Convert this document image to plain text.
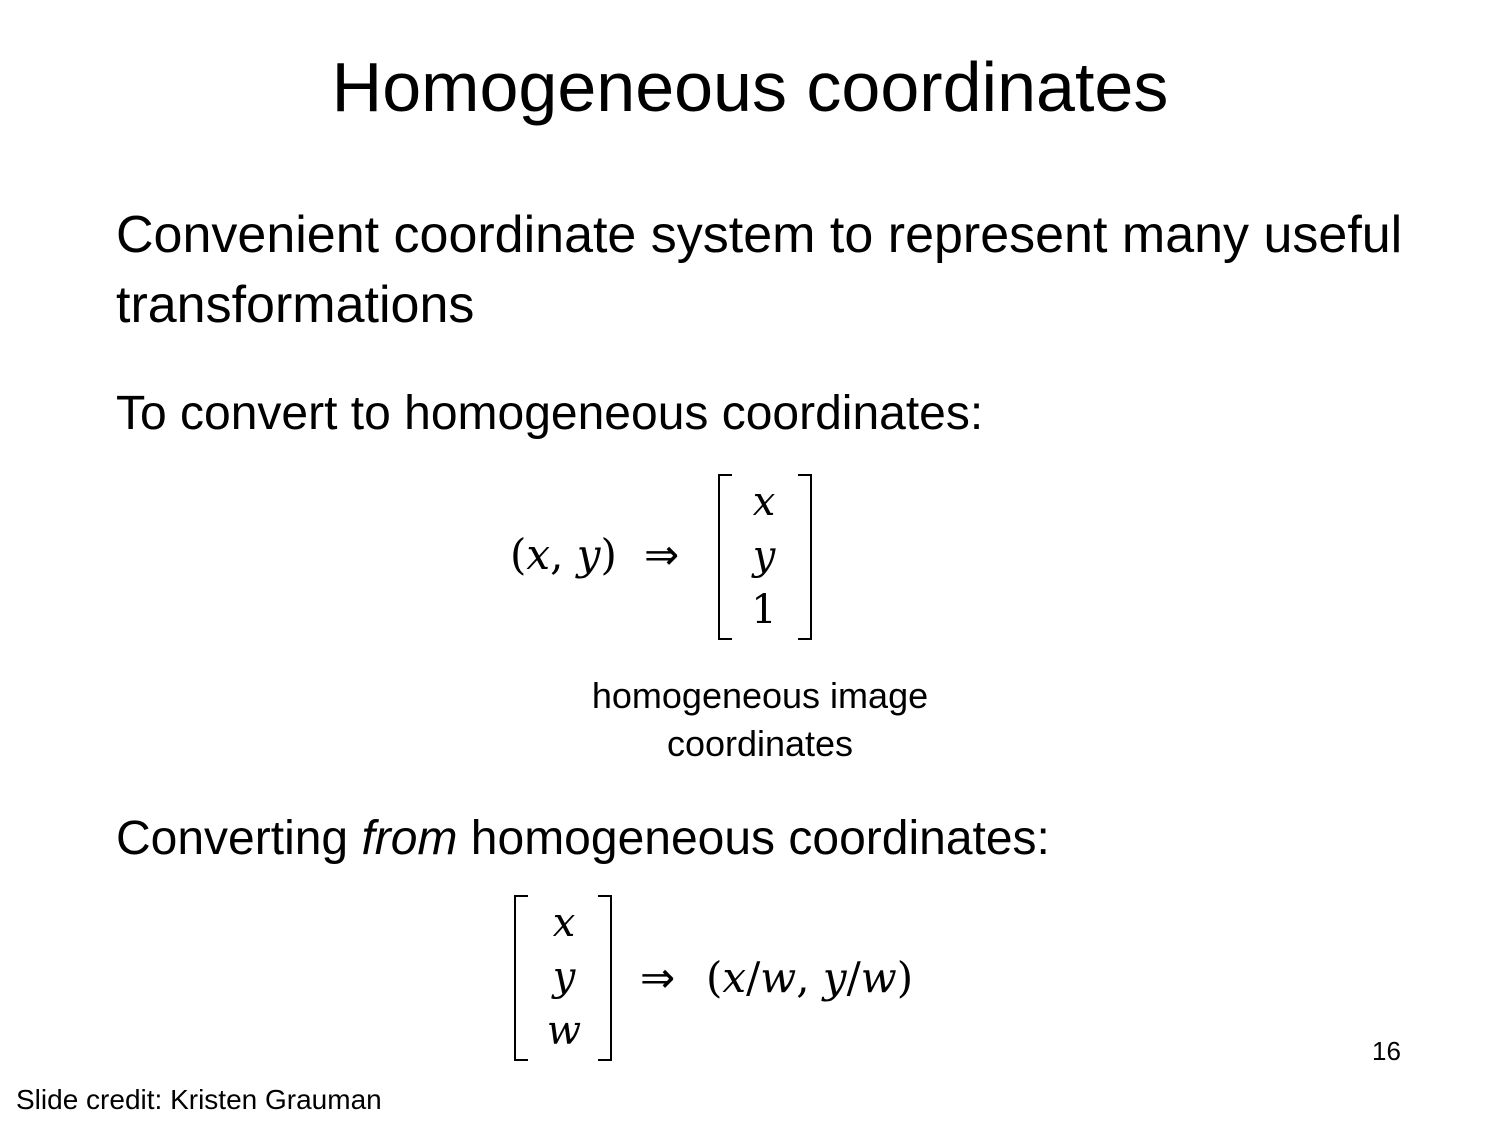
Homogeneous coordinates
Convenient coordinate system to represent many useful transformations
To convert to homogeneous coordinates:
(x, y) ⇒
x
y
1
homogeneous image
coordinates
Converting from homogeneous coordinates:
x
y
w
⇒ (x/w, y/w)
16
Slide credit: Kristen Grauman
